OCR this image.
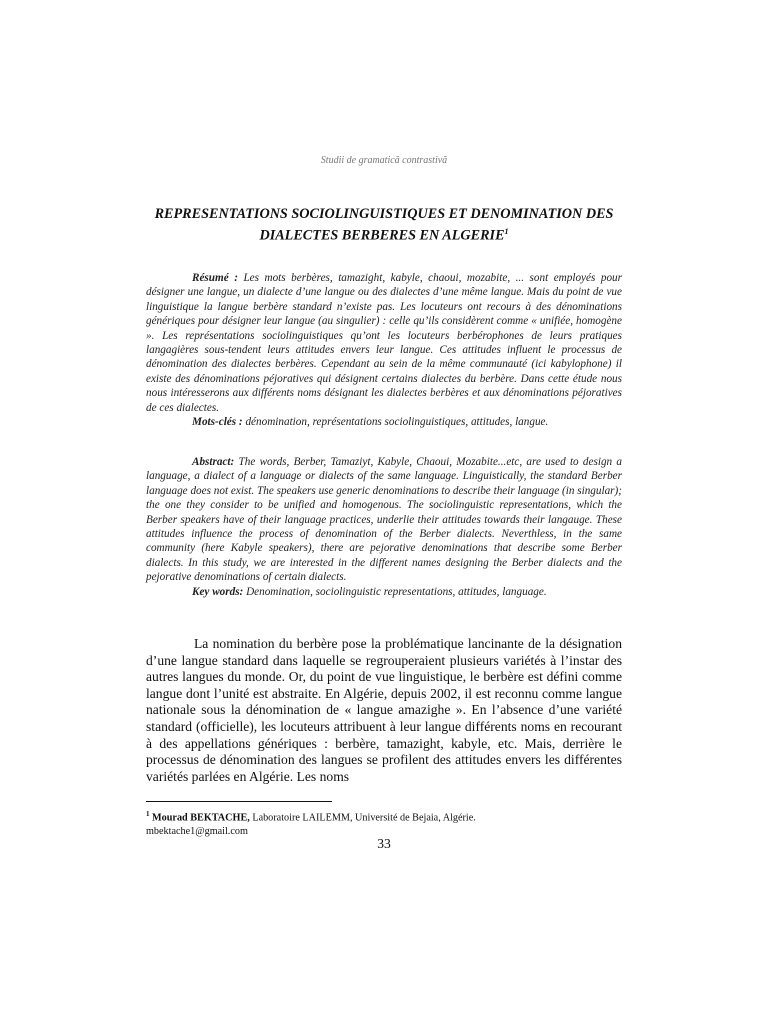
Studii de gramatică contrastivă
REPRESENTATIONS SOCIOLINGUISTIQUES ET DENOMINATION DES DIALECTES BERBERES EN ALGERIE$^1$
Résumé : Les mots berbères, tamazight, kabyle, chaoui, mozabite, ... sont employés pour désigner une langue, un dialecte d’une langue ou des dialectes d’une même langue. Mais du point de vue linguistique la langue berbère standard n’existe pas. Les locuteurs ont recours à des dénominations génériques pour désigner leur langue (au singulier) : celle qu’ils considèrent comme « unifiée, homogène ». Les représentations sociolinguistiques qu’ont les locuteurs berbérophones de leurs pratiques langagières sous-tendent leurs attitudes envers leur langue. Ces attitudes influent le processus de dénomination des dialectes berbères. Cependant au sein de la même communauté (ici kabylophone) il existe des dénominations péjoratives qui désignent certains dialectes du berbère. Dans cette étude nous nous intéresserons aux différents noms désignant les dialectes berbères et aux dénominations péjoratives de ces dialectes.
Mots-clés : dénomination, représentations sociolinguistiques, attitudes, langue.
Abstract: The words, Berber, Tamaziyt, Kabyle, Chaoui, Mozabite...etc, are used to design a language, a dialect of a language or dialects of the same language. Linguistically, the standard Berber language does not exist. The speakers use generic denominations to describe their language (in singular); the one they consider to be unified and homogenous. The sociolinguistic representations, which the Berber speakers have of their language practices, underlie their attitudes towards their langauge. These attitudes influence the process of denomination of the Berber dialects. Neverthless, in the same community (here Kabyle speakers), there are pejorative denominations that describe some Berber dialects. In this study, we are interested in the different names designing the Berber dialects and the pejorative denominations of certain dialects.
Key words: Denomination, sociolinguistic representations, attitudes, language.
La nomination du berbère pose la problématique lancinante de la désignation d’une langue standard dans laquelle se regrouperaient plusieurs variétés à l’instar des autres langues du monde. Or, du point de vue linguistique, le berbère est défini comme langue dont l’unité est abstraite. En Algérie, depuis 2002, il est reconnu comme langue nationale sous la dénomination de « langue amazighe ». En l’absence d’une variété standard (officielle), les locuteurs attribuent à leur langue différents noms en recourant à des appellations génériques : berbère, tamazight, kabyle, etc. Mais, derrière le processus de dénomination des langues se profilent des attitudes envers les différentes variétés parlées en Algérie. Les noms
$^1$ Mourad BEKTACHE, Laboratoire LAILEMM, Université de Bejaia, Algérie.
mbektache1@gmail.com
33
